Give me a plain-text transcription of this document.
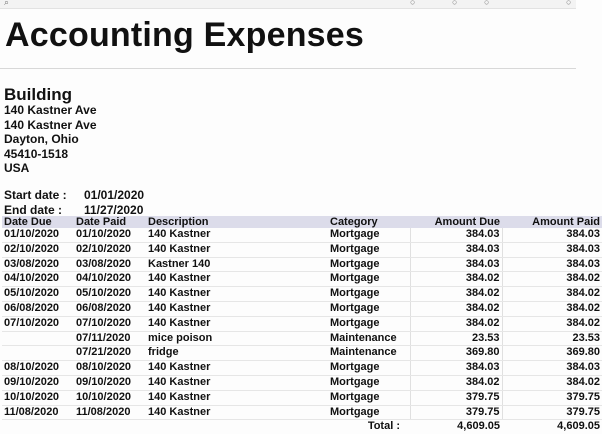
⌕	○	○	○	○
Accounting Expenses
Building
140 Kastner Ave
140 Kastner Ave
Dayton, Ohio
45410-1518
USA
Start date :	01/01/2020
End date :	11/27/2020
Date Due	Date Paid	Description	Category	Amount Due	Amount Paid
01/10/2020	01/10/2020	140 Kastner	Mortgage	384.03	384.03
02/10/2020	02/10/2020	140 Kastner	Mortgage	384.03	384.03
03/08/2020	03/08/2020	Kastner 140	Mortgage	384.03	384.03
04/10/2020	04/10/2020	140 Kastner	Mortgage	384.02	384.02
05/10/2020	05/10/2020	140 Kastner	Mortgage	384.02	384.02
06/08/2020	06/08/2020	140 Kastner	Mortgage	384.02	384.02
07/10/2020	07/10/2020	140 Kastner	Mortgage	384.02	384.02
	07/11/2020	mice poison	Maintenance	23.53	23.53
	07/21/2020	fridge	Maintenance	369.80	369.80
08/10/2020	08/10/2020	140 Kastner	Mortgage	384.03	384.03
09/10/2020	09/10/2020	140 Kastner	Mortgage	384.02	384.02
10/10/2020	10/10/2020	140 Kastner	Mortgage	379.75	379.75
11/08/2020	11/08/2020	140 Kastner	Mortgage	379.75	379.75
			Total :	4,609.05	4,609.05
